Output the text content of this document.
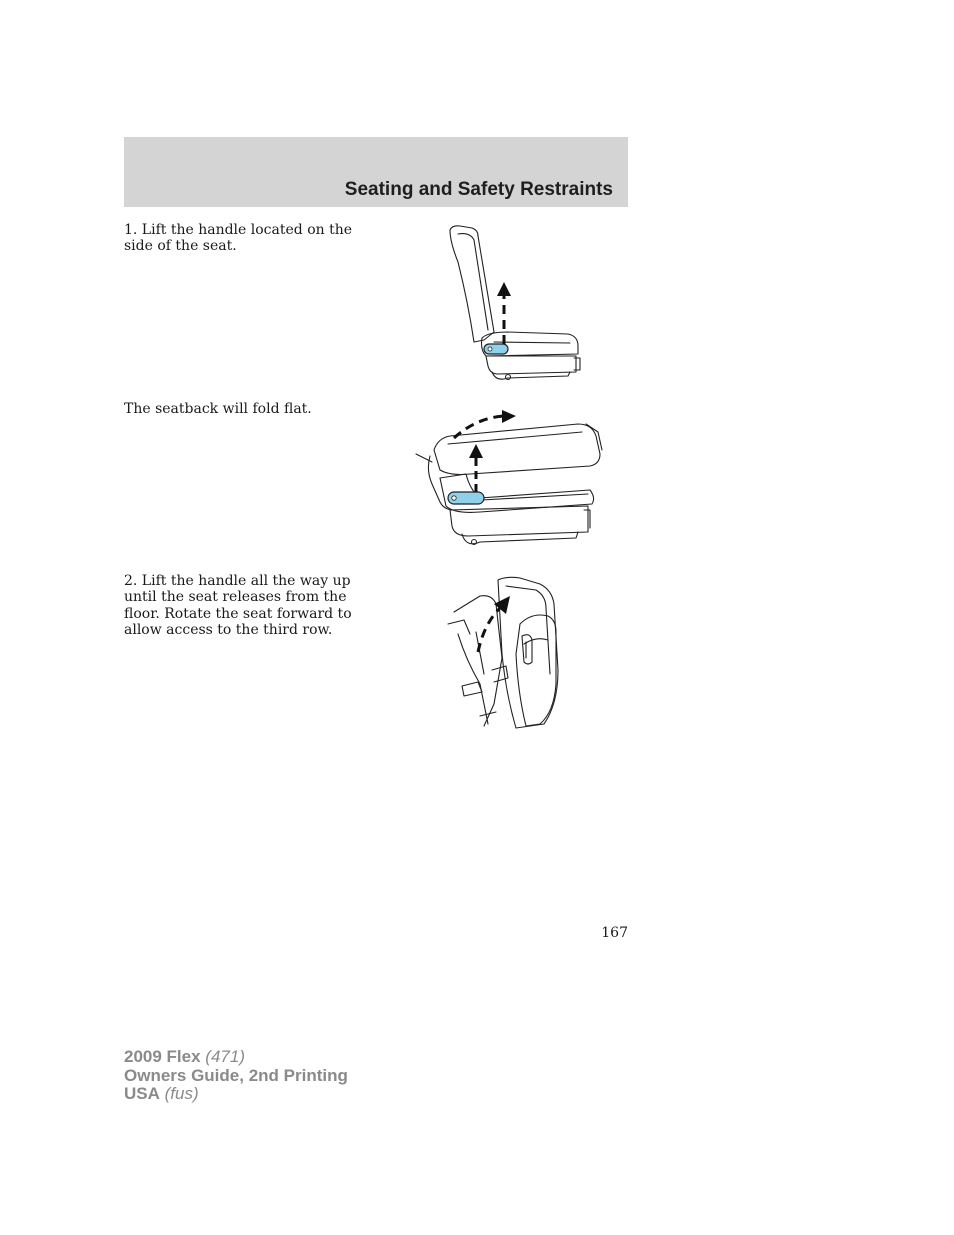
Seating and Safety Restraints
1. Lift the handle located on the side of the seat.
The seatback will fold flat.
2. Lift the handle all the way up until the seat releases from the floor. Rotate the seat forward to allow access to the third row.
167
2009 Flex (471)
Owners Guide, 2nd Printing
USA (fus)
